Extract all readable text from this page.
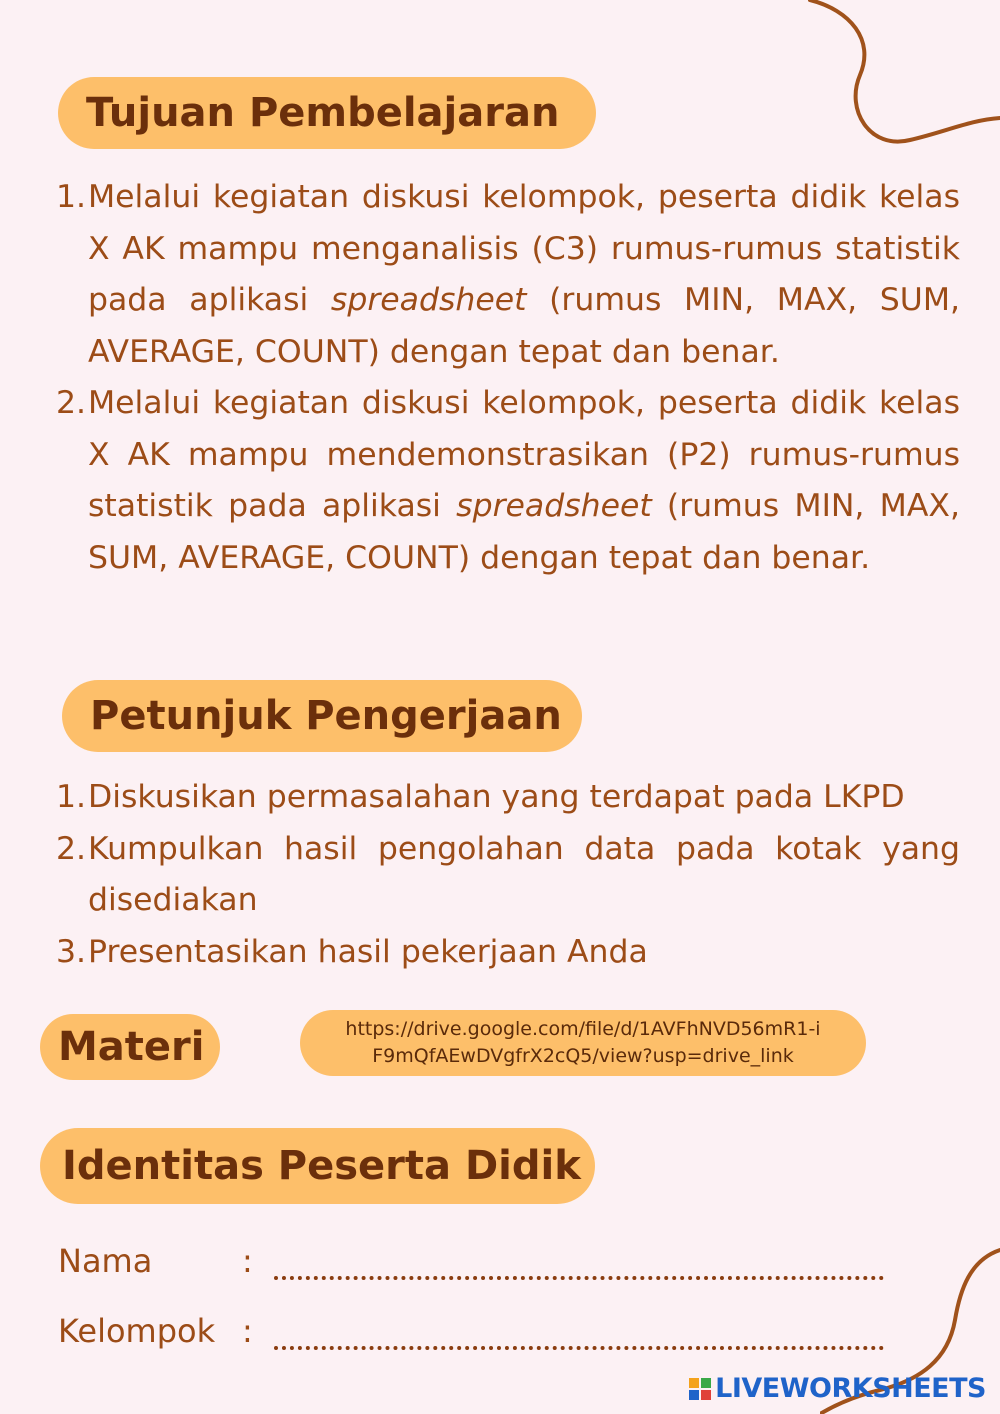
Tujuan Pembelajaran
1. Melalui kegiatan diskusi kelompok, peserta didik kelas X AK mampu menganalisis (C3) rumus-rumus statistik pada aplikasi spreadsheet (rumus MIN, MAX, SUM, AVERAGE, COUNT) dengan tepat dan benar.
2. Melalui kegiatan diskusi kelompok, peserta didik kelas X AK mampu mendemonstrasikan (P2) rumus-rumus statistik pada aplikasi spreadsheet (rumus MIN, MAX, SUM, AVERAGE, COUNT) dengan tepat dan benar.
Petunjuk Pengerjaan
1. Diskusikan permasalahan yang terdapat pada LKPD
2. Kumpulkan hasil pengolahan data pada kotak yang disediakan
3. Presentasikan hasil pekerjaan Anda
Materi	https://drive.google.com/file/d/1AVFhNVD56mR1-iF9mQfAEwDVgfrX2cQ5/view?usp=drive_link
Identitas Peserta Didik
Nama	:
Kelompok :
LIVEWORKSHEETS
